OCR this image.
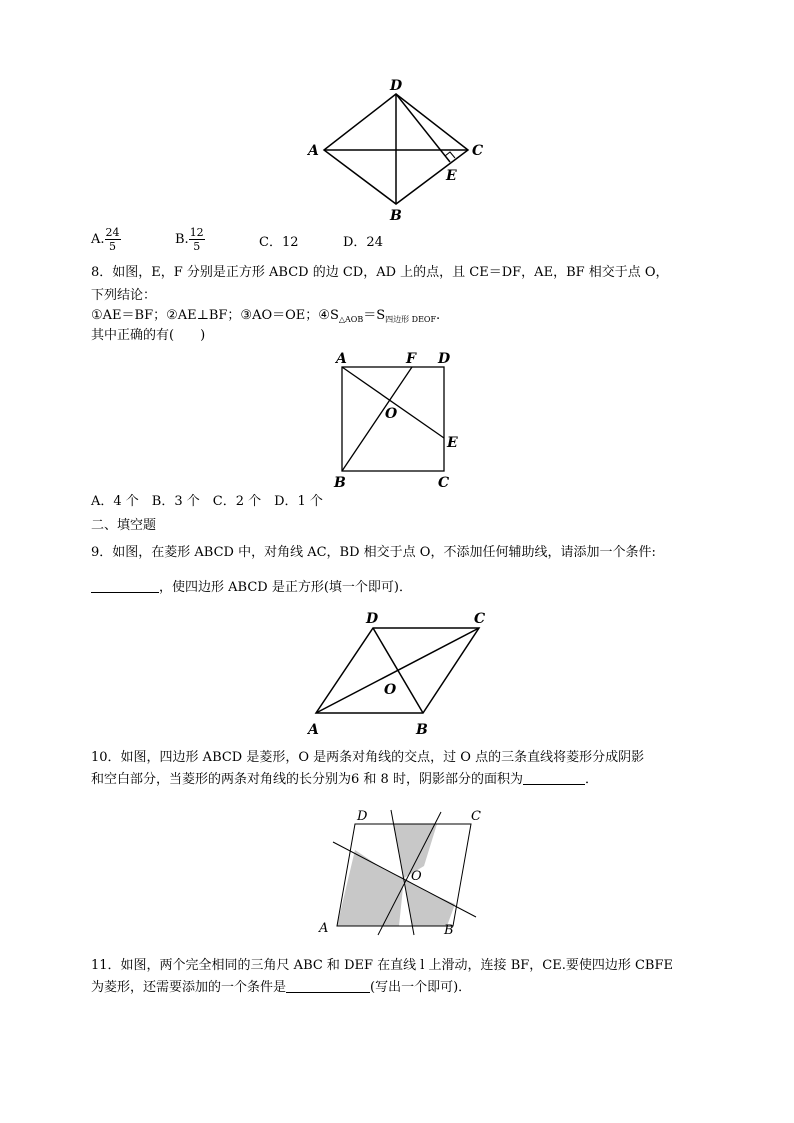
D
A	C
E
B
A. $\frac{24}{5}$	B. $\frac{12}{5}$	C．12	D．24
8．如图，E，F 分别是正方形 ABCD 的边 CD，AD 上的点，且 CE＝DF，AE，BF 相交于点 O，
下列结论：
①AE＝BF；②AE⊥BF；③AO＝OE；$④S_{\triangle AOB}=S_{四边形 DEOF}$.
其中正确的有(　　)
A	F D
O
E
B	C
A．4 个　B．3 个　C．2 个　D．1 个
二、填空题
9．如图，在菱形 ABCD 中，对角线 AC，BD 相交于点 O，不添加任何辅助线，请添加一个条件:
，使四边形 ABCD 是正方形(填一个即可)．
D	C
O
A	B
10．如图，四边形 ABCD 是菱形，O 是两条对角线的交点，过 O 点的三条直线将菱形分成阴影
和空白部分，当菱形的两条对角线的长分别为6 和 8 时，阴影部分的面积为	．
D	C
O
A	B
11．如图，两个完全相同的三角尺 ABC 和 DEF 在直线 l 上滑动，连接 BF，CE.要使四边形 CBFE
为菱形，还需要添加的一个条件是	(写出一个即可)．
